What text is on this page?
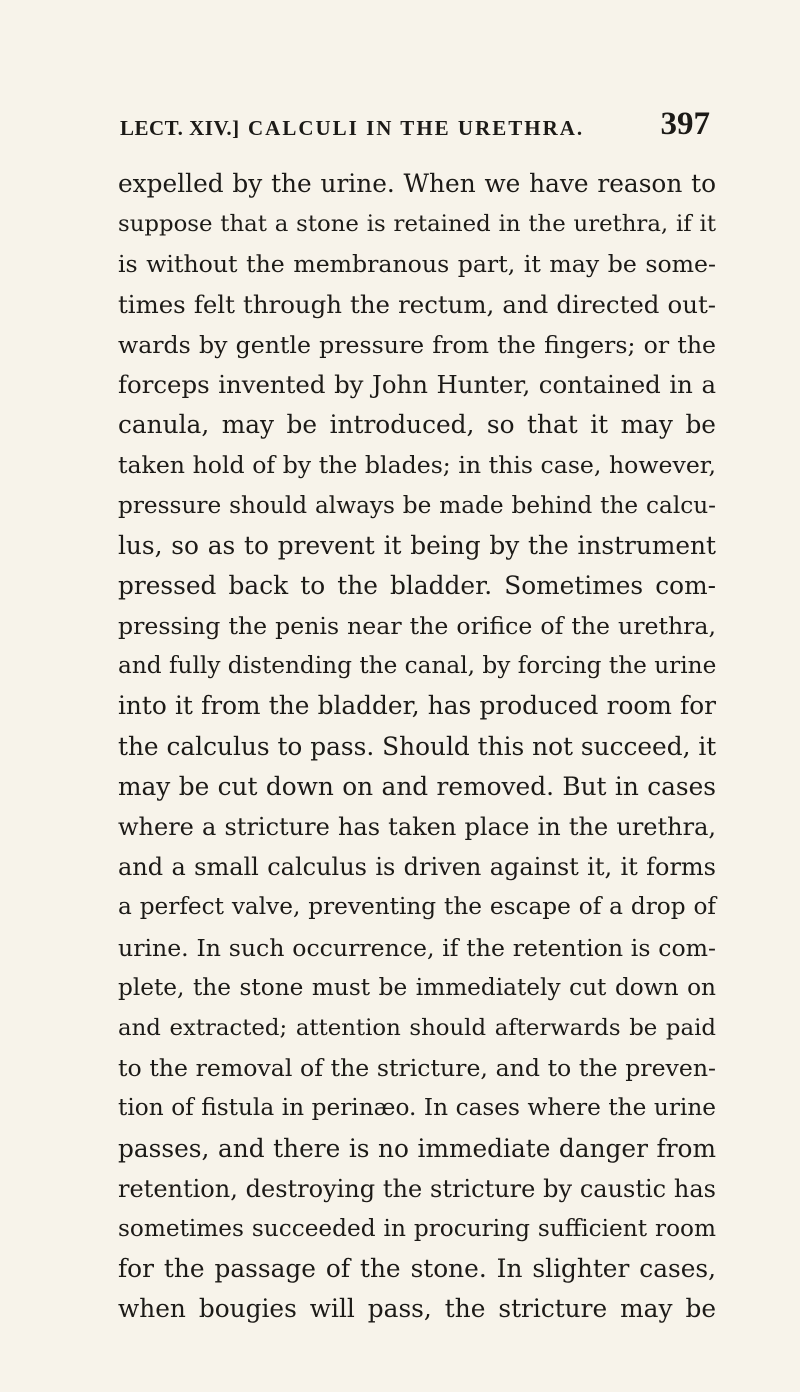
LECT. XIV.] CALCULI IN THE URETHRA. 397
expelled by the urine. When we have reason to
suppose that a stone is retained in the urethra, if it
is without the membranous part, it may be some-
times felt through the rectum, and directed out-
wards by gentle pressure from the fingers; or the
forceps invented by John Hunter, contained in a
canula, may be introduced, so that it may be
taken hold of by the blades; in this case, however,
pressure should always be made behind the calcu-
lus, so as to prevent it being by the instrument
pressed back to the bladder. Sometimes com-
pressing the penis near the orifice of the urethra,
and fully distending the canal, by forcing the urine
into it from the bladder, has produced room for
the calculus to pass. Should this not succeed, it
may be cut down on and removed. But in cases
where a stricture has taken place in the urethra,
and a small calculus is driven against it, it forms
a perfect valve, preventing the escape of a drop of
urine. In such occurrence, if the retention is com-
plete, the stone must be immediately cut down on
and extracted; attention should afterwards be paid
to the removal of the stricture, and to the preven-
tion of fistula in perinæo. In cases where the urine
passes, and there is no immediate danger from
retention, destroying the stricture by caustic has
sometimes succeeded in procuring sufficient room
for the passage of the stone. In slighter cases,
when bougies will pass, the stricture may be
